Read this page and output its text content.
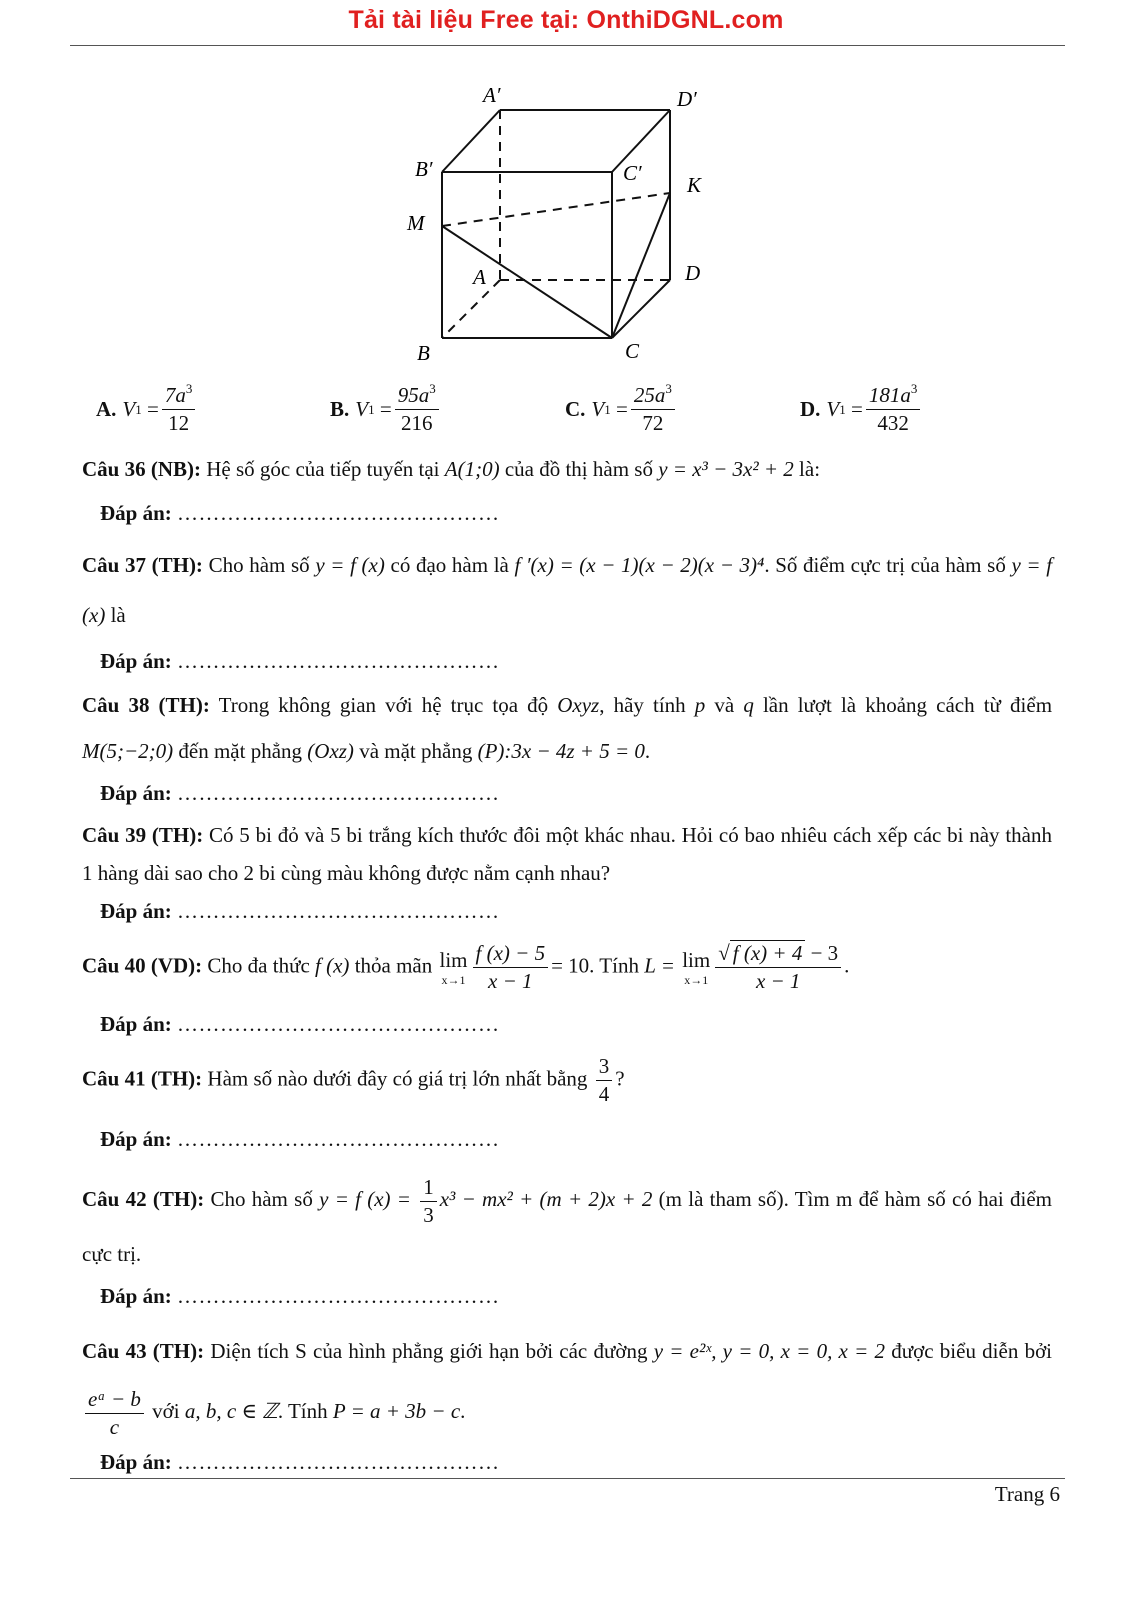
Tải tài liệu Free tại: OnthiDGNL.com
A′	D′
B′	C′ K
M
A	D
B	C
A. V $1 = \frac{7a^3}{12}$	B. V $1 = \frac{95a^3}{216}$	C. V $1 = \frac{25a^3}{72}$	D. V $1 = \frac{181a^3}{432}$

Câu 36 (NB): Hệ số góc của tiếp tuyến tại A(1;0) của đồ thị hàm số y = x³ − 3x² + 2 là:

Đáp án: ………………………………………

Câu 37 (TH): Cho hàm số y = f (x) có đạo hàm là f ′(x) = (x − 1)(x − 2)(x − 3)⁴. Số điểm cực trị của hàm số y = f (x) là

Đáp án: ………………………………………

Câu 38 (TH): Trong không gian với hệ trục tọa độ Oxyz, hãy tính p và q lần lượt là khoảng cách từ điểm M(5;−2;0) đến mặt phẳng (Oxz) và mặt phẳng (P):3x − 4z + 5 = 0.

Đáp án: ………………………………………

Câu 39 (TH): Có 5 bi đỏ và 5 bi trắng kích thước đôi một khác nhau. Hỏi có bao nhiêu cách xếp các bi này thành 1 hàng dài sao cho 2 bi cùng màu không được nằm cạnh nhau?

Đáp án: ………………………………………

Câu 40 (VD): Cho đa thức f (x) thỏa mãn lim
$x\to 1 \frac{f (x) - 5}{x - 1} = 10$. Tính L = lim
$x\to 1 \frac{√ f (x) + 4 - 3}{x - 1}$ .

Đáp án: ………………………………………

Câu 41 (TH): Hàm số nào dưới đây có giá trị lớn nhất bằng $\frac{3}{4}$ ?

Đáp án: ………………………………………

Câu 42 (TH): Cho hàm số y = f $(x) = \frac{1}{3} x^3 - mx^2 + (m + 2)x + 2$ (m là tham số). Tìm m để hàm số có hai điểm cực trị.

Đáp án: ………………………………………

Câu 43 (TH): Diện tích S của hình phẳng giới hạn bởi các đường y = e²ˣ, y = 0, x = 0, x = 2 được biểu diễn bởi
$\frac{\text{eᵃ − b}}{c}$ với a, b, c ∈ ℤ. Tính P = a + 3b − c.

Đáp án: ………………………………………

Trang 6
